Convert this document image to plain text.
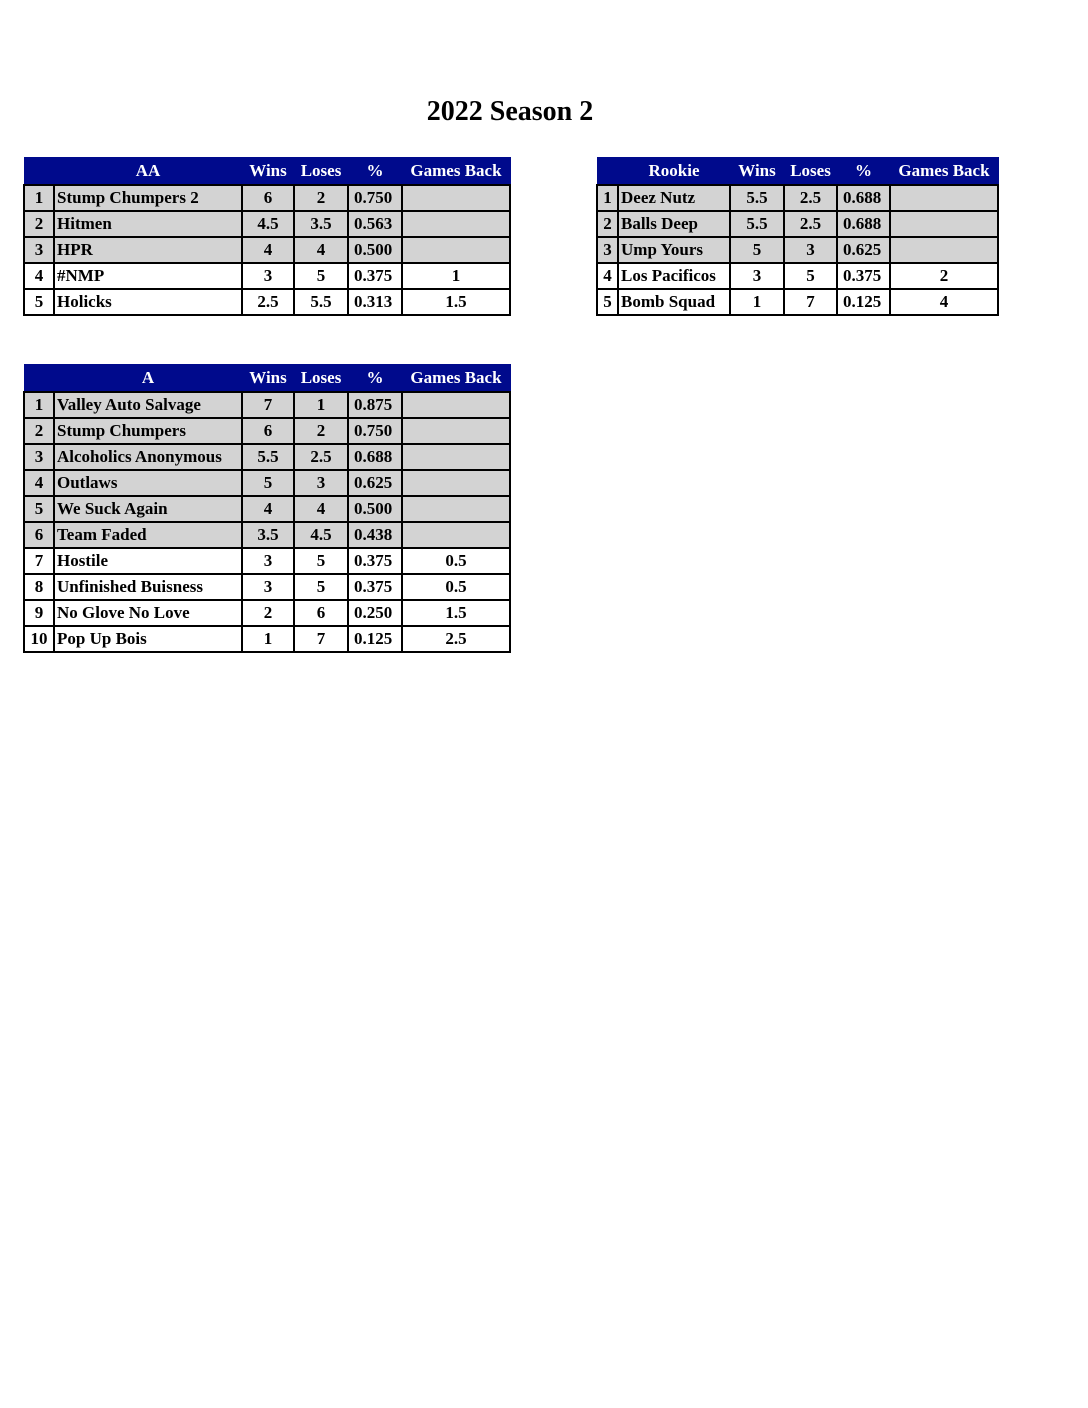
2022 Season 2
	AA	Wins	Loses	%	Games Back
1	Stump Chumpers 2	6	2	0.750	
2	Hitmen	4.5	3.5	0.563	
3	HPR	4	4	0.500	
4	#NMP	3	5	0.375	1
5	Holicks	2.5	5.5	0.313	1.5
	Rookie	Wins	Loses	%	Games Back
1	Deez Nutz	5.5	2.5	0.688	
2	Balls Deep	5.5	2.5	0.688	
3	Ump Yours	5	3	0.625	
4	Los Pacificos	3	5	0.375	2
5	Bomb Squad	1	7	0.125	4
	A	Wins	Loses	%	Games Back
1	Valley Auto Salvage	7	1	0.875	
2	Stump Chumpers	6	2	0.750	
3	Alcoholics Anonymous	5.5	2.5	0.688	
4	Outlaws	5	3	0.625	
5	We Suck Again	4	4	0.500	
6	Team Faded	3.5	4.5	0.438	
7	Hostile	3	5	0.375	0.5
8	Unfinished Buisness	3	5	0.375	0.5
9	No Glove No Love	2	6	0.250	1.5
10	Pop Up Bois	1	7	0.125	2.5
